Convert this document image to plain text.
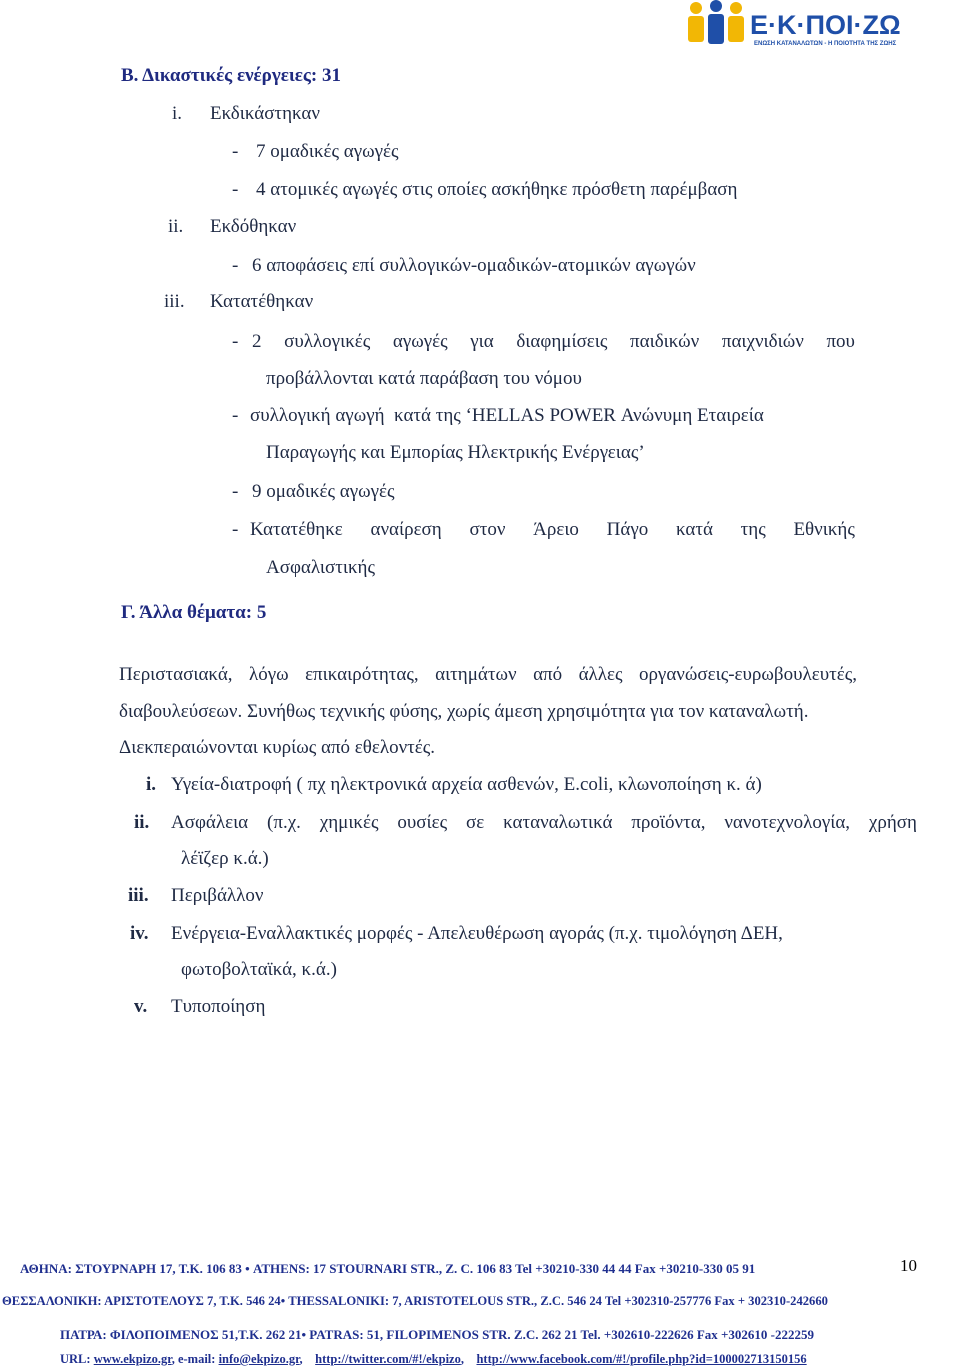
Ε·Κ·ΠΟΙ·ΖΩ
ΕΝΩΣΗ ΚΑΤΑΝΑΛΩΤΩΝ - Η ΠΟΙΟΤΗΤΑ ΤΗΣ ΖΩΗΣ
Β. Δικαστικές ενέργειες: 31
i. Εκδικάστηκαν
- 7 ομαδικές αγωγές
- 4 ατομικές αγωγές στις οποίες ασκήθηκε πρόσθετη παρέμβαση
ii. Εκδόθηκαν
- 6 αποφάσεις επί συλλογικών-ομαδικών-ατομικών αγωγών
iii. Κατατέθηκαν
- 2 συλλογικές αγωγές για διαφημίσεις παιδικών παιχνιδιών που
προβάλλονται κατά παράβαση του νόμου
- συλλογική αγωγή  κατά της ‘HELLAS POWER Ανώνυμη Εταιρεία
Παραγωγής και Εμπορίας Ηλεκτρικής Ενέργειας’
- 9 ομαδικές αγωγές
- Κατατέθηκε αναίρεση στον Άρειο Πάγο κατά της Εθνικής
Ασφαλιστικής
Γ. Άλλα θέματα: 5
Περιστασιακά, λόγω επικαιρότητας, αιτημάτων από άλλες οργανώσεις-ευρωβουλευτές,
διαβουλεύσεων. Συνήθως τεχνικής φύσης, χωρίς άμεση χρησιμότητα για τον καταναλωτή.
Διεκπεραιώνονται κυρίως από εθελοντές.
i. Υγεία-διατροφή ( πχ ηλεκτρονικά αρχεία ασθενών, E.coli, κλωνοποίηση κ. ά)
ii. Ασφάλεια (π.χ. χημικές ουσίες σε καταναλωτικά προϊόντα, νανοτεχνολογία, χρήση
λέϊζερ κ.ά.)
iii. Περιβάλλον
iv. Ενέργεια-Εναλλακτικές μορφές - Απελευθέρωση αγοράς (π.χ. τιμολόγηση ΔΕΗ,
φωτοβολταϊκά, κ.ά.)
v. Τυποποίηση
ΑΘΗΝΑ: ΣΤΟΥΡΝΑΡΗ 17, Τ.Κ. 106 83 • ATHENS: 17 STOURNARI STR., Z. C. 106 83 Tel +30210-330 44 44 Fax +30210-330 05 91	10
ΘΕΣΣΑΛΟΝΙΚΗ: ΑΡΙΣΤΟΤΕΛΟΥΣ 7, Τ.Κ. 546 24• THESSALONIKI: 7, ARISTOTELOUS STR., Z.C. 546 24 Tel +302310-257776 Fax + 302310-242660
ΠΑΤΡΑ: ΦΙΛΟΠΟΙΜΕΝΟΣ 51,Τ.Κ. 262 21• PATRAS: 51, FILOPIMENOS STR. Z.C. 262 21 Tel. +302610-222626 Fax +302610 -222259
URL: www.ekpizo.gr, e-mail: info@ekpizo.gr,    http://twitter.com/#!/ekpizo,    http://www.facebook.com/#!/profile.php?id=100002713150156
